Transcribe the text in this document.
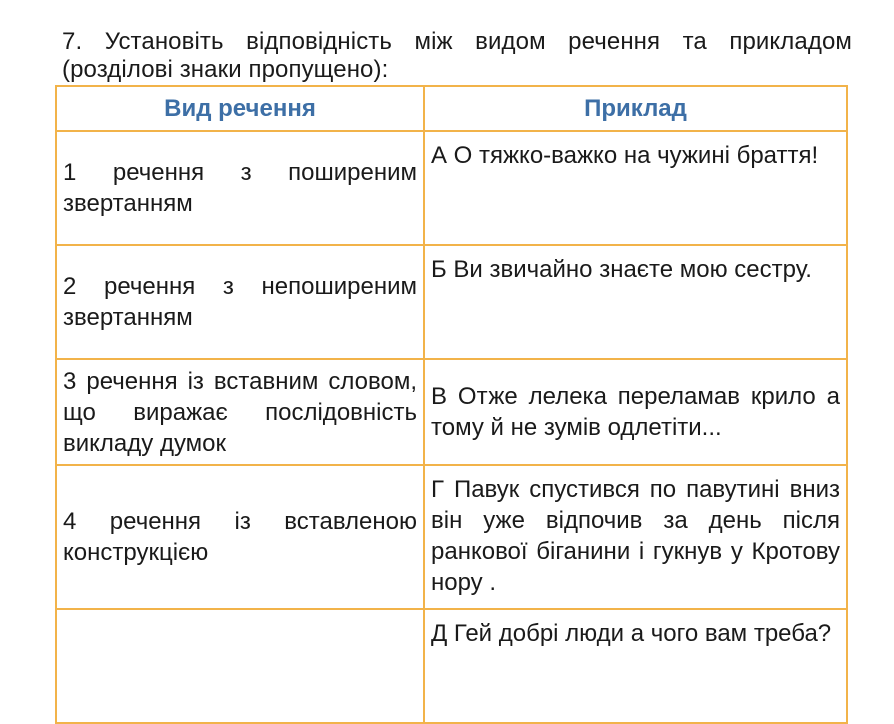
7. Установіть відповідність між видом речення та прикладом
(розділові знаки пропущено):
Вид речення	Приклад

1 речення з поширеним звертанням	А О тяжко-важко на чужині браття!

2 речення з непоширеним звертанням	Б Ви звичайно знаєте мою сестру.

3 речення із вставним словом, що виражає послідовність викладу думок	В Отже лелека переламав крило а тому й не зумів одлетіти...

4 речення із вставленою конструкцією	Г Павук спустився по павутині вниз він уже відпочив за день після ранкової біганини і гукнув у Кротову нору .

	Д Гей добрі люди а чого вам треба?
